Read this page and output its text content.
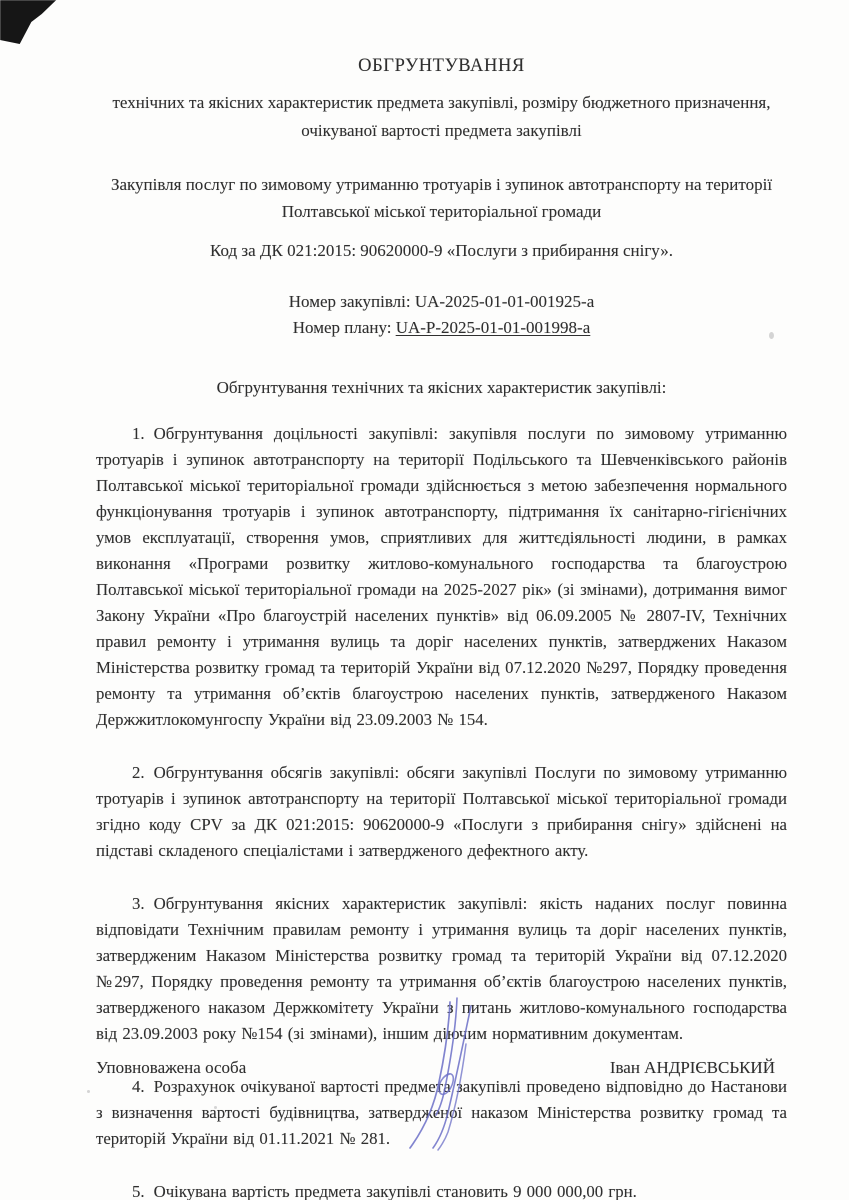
ОБГРУНТУВАННЯ
технічних та якісних характеристик предмета закупівлі, розміру бюджетного призначення, очікуваної вартості предмета закупівлі
Закупівля послуг по зимовому утриманню тротуарів і зупинок автотранспорту на території Полтавської міської територіальної громади
Код за ДК 021:2015: 90620000-9 «Послуги з прибирання снігу».
Номер закупівлі: UA-2025-01-01-001925-a
Номер плану: UA-P-2025-01-01-001998-a
Обгрунтування технічних та якісних характеристик закупівлі:

1. Обгрунтування доцільності закупівлі: закупівля послуги по зимовому утриманню тротуарів і зупинок автотранспорту на території Подільського та Шевченківського районів Полтавської міської територіальної громади здійснюється з метою забезпечення нормального функціонування тротуарів і зупинок автотранспорту, підтримання їх санітарно-гігієнічних умов експлуатації, створення умов, сприятливих для життєдіяльності людини, в рамках виконання «Програми розвитку житлово-комунального господарства та благоустрою Полтавської міської територіальної громади на 2025-2027 рік» (зі змінами), дотримання вимог Закону України «Про благоустрій населених пунктів» від 06.09.2005 № 2807-IV, Технічних правил ремонту і утримання вулиць та доріг населених пунктів, затверджених Наказом Міністерства розвитку громад та територій України від 07.12.2020 №297, Порядку проведення ремонту та утримання об’єктів благоустрою населених пунктів, затвердженого Наказом Держжитлокомунгоспу України від 23.09.2003 № 154.

2. Обгрунтування обсягів закупівлі: обсяги закупівлі Послуги по зимовому утриманню тротуарів і зупинок автотранспорту на території Полтавської міської територіальної громади згідно коду CPV за ДК 021:2015: 90620000-9 «Послуги з прибирання снігу» здійснені на підставі складеного спеціалістами і затвердженого дефектного акту.

3. Обгрунтування якісних характеристик закупівлі: якість наданих послуг повинна відповідати Технічним правилам ремонту і утримання вулиць та доріг населених пунктів, затвердженим Наказом Міністерства розвитку громад та територій України від 07.12.2020 №297, Порядку проведення ремонту та утримання об’єктів благоустрою населених пунктів, затвердженого наказом Держкомітету України з питань житлово-комунального господарства від 23.09.2003 року №154 (зі змінами), іншим діючим нормативним документам.

4. Розрахунок очікуваної вартості предмета закупівлі проведено відповідно до Настанови з визначення вартості будівництва, затвердженої наказом Міністерства розвитку громад та територій України від 01.11.2021 № 281.

5. Очікувана вартість предмета закупівлі становить 9 000 000,00 грн.

Уповноважена особа	Іван АНДРІЄВСЬКИЙ
